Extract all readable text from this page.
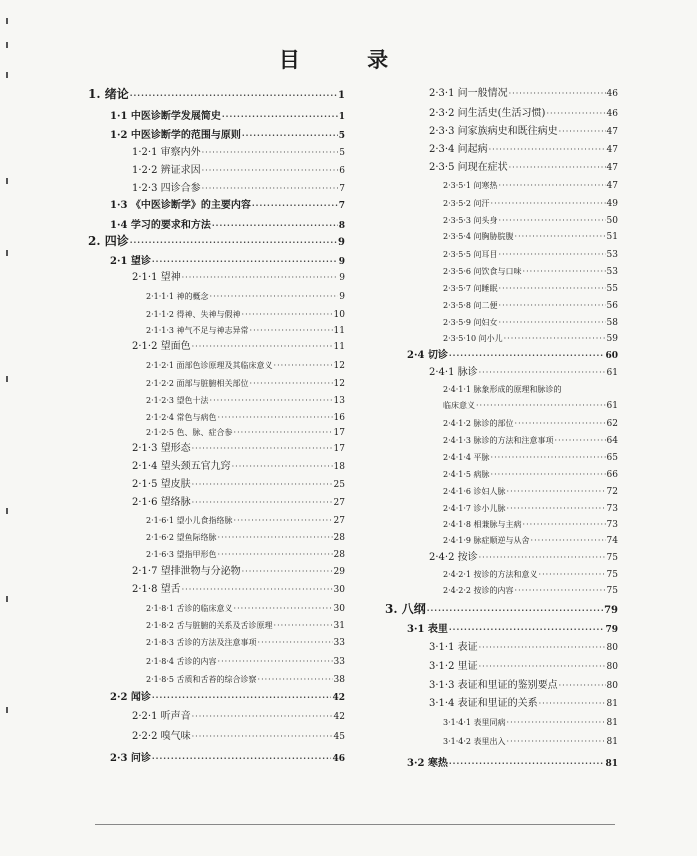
目 录
1. 绪论 ·····	1
1·1 中医诊断学发展简史 ·····	1
1·2 中医诊断学的范围与原则 ·····	5
1·2·1 审察内外 ·····	5
1·2·2 辨证求因 ·····	6
1·2·3 四诊合参 ·····	7
1·3 《中医诊断学》的主要内容 ·····	7
1·4 学习的要求和方法 ·····	8
2. 四诊 ·····	9
2·1 望诊 ·····	9
2·1·1 望神 ·····	9
2·1·1·1 神的概念 ·····	9
2·1·1·2 得神、失神与假神 ·····	10
2·1·1·3 神气不足与神志异常 ·····	11
2·1·2 望面色 ·····	11
2·1·2·1 面部色诊原理及其临床意义 ·····	12
2·1·2·2 面部与脏腑相关部位 ·····	12
2·1·2·3 望色十法 ·····	13
2·1·2·4 常色与病色 ·····	16
2·1·2·5 色、脉、症合参 ·····	17
2·1·3 望形态 ·····	17
2·1·4 望头颈五官九窍 ·····	18
2·1·5 望皮肤 ·····	25
2·1·6 望络脉 ·····	27
2·1·6·1 望小儿食指络脉 ·····	27
2·1·6·2 望鱼际络脉 ·····	28
2·1·6·3 望指甲形色 ·····	28
2·1·7 望排泄物与分泌物 ·····	29
2·1·8 望舌 ·····	30
2·1·8·1 舌诊的临床意义 ·····	30
2·1·8·2 舌与脏腑的关系及舌诊原理 ·····	31
2·1·8·3 舌诊的方法及注意事项 ·····	33
2·1·8·4 舌诊的内容 ·····	33
2·1·8·5 舌质和舌苔的综合诊察 ·····	38
2·2 闻诊 ·····	42
2·2·1 听声音 ·····	42
2·2·2 嗅气味 ·····	45
2·3 问诊 ·····	46
2·3·1 问一般情况 ·····	46
2·3·2 问生活史(生活习惯) ·····	46
2·3·3 问家族病史和既往病史 ·····	47
2·3·4 问起病 ·····	47
2·3·5 问现在症状 ·····	47
2·3·5·1 问寒热 ·····	47
2·3·5·2 问汗 ·····	49
2·3·5·3 问头身 ·····	50
2·3·5·4 问胸胁脘腹 ·····	51
2·3·5·5 问耳目 ·····	53
2·3·5·6 问饮食与口味 ·····	53
2·3·5·7 问睡眠 ·····	55
2·3·5·8 问二便 ·····	56
2·3·5·9 问妇女 ·····	58
2·3·5·10 问小儿 ·····	59
2·4 切诊 ·····	60
2·4·1 脉诊 ·····	61
2·4·1·1 脉象形成的原理和脉诊的
临床意义 ·····	61
2·4·1·2 脉诊的部位 ·····	62
2·4·1·3 脉诊的方法和注意事项 ·····	64
2·4·1·4 平脉 ·····	65
2·4·1·5 病脉 ·····	66
2·4·1·6 诊妇人脉 ·····	72
2·4·1·7 诊小儿脉 ·····	73
2·4·1·8 相兼脉与主病 ·····	73
2·4·1·9 脉症顺逆与从舍 ·····	74
2·4·2 按诊 ·····	75
2·4·2·1 按诊的方法和意义 ·····	75
2·4·2·2 按诊的内容 ·····	75
3. 八纲 ·····	79
3·1 表里 ·····	79
3·1·1 表证 ·····	80
3·1·2 里证 ·····	80
3·1·3 表证和里证的鉴别要点 ·····	80
3·1·4 表证和里证的关系 ·····	81
3·1·4·1 表里同病 ·····	81
3·1·4·2 表里出入 ·····	81
3·2 寒热 ·····	81
